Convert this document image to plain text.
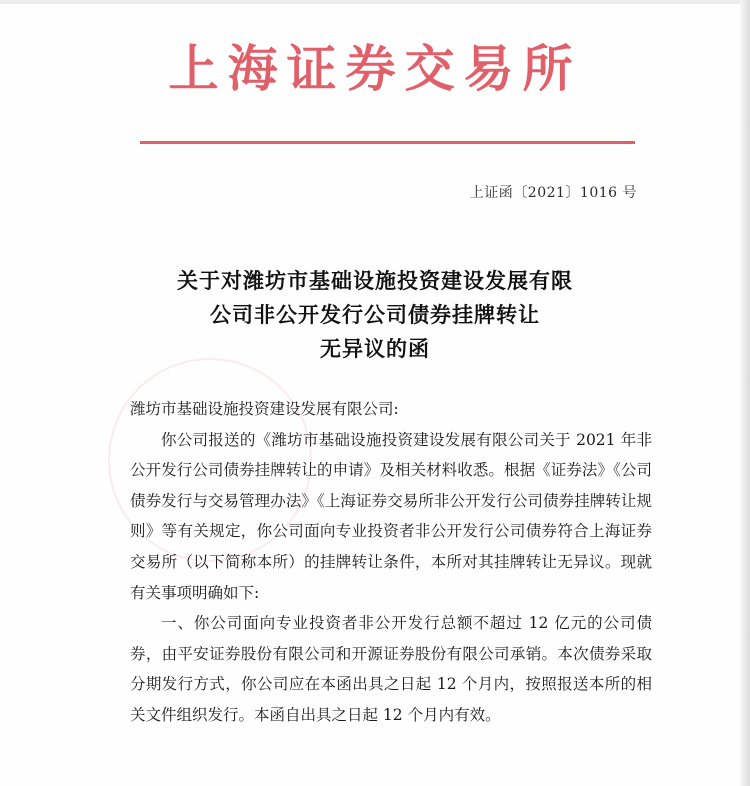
上海证券交易所
上证函〔2021〕1016 号
关于对潍坊市基础设施投资建设发展有限
公司非公开发行公司债券挂牌转让
无异议的函

潍坊市基础设施投资建设发展有限公司:

你公司报送的《潍坊市基础设施投资建设发展有限公司关于 2021 年非公开发行公司债券挂牌转让的申请》及相关材料收悉。根据《证券法》《公司债券发行与交易管理办法》《上海证券交易所非公开发行公司债券挂牌转让规则》等有关规定，你公司面向专业投资者非公开发行公司债券符合上海证券交易所（以下简称本所）的挂牌转让条件，本所对其挂牌转让无异议。现就有关事项明确如下:

一、你公司面向专业投资者非公开发行总额不超过 12 亿元的公司债券，由平安证券股份有限公司和开源证券股份有限公司承销。本次债券采取分期发行方式，你公司应在本函出具之日起 12 个月内，按照报送本所的相关文件组织发行。本函自出具之日起 12 个月内有效。
